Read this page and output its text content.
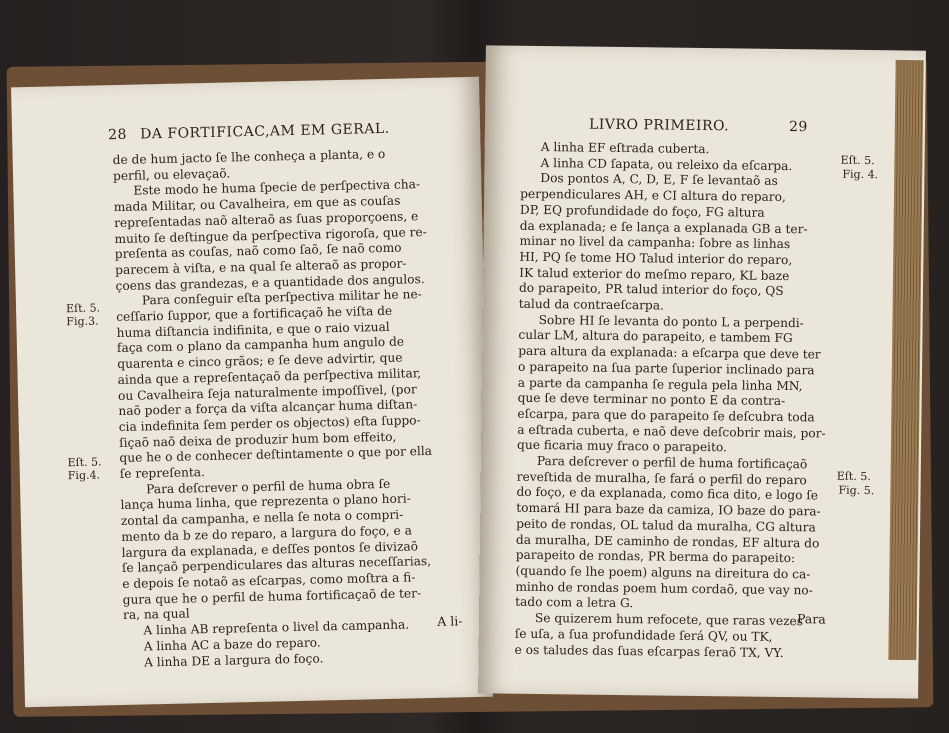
28 DA FORTIFICAC,AM EM GERAL.
de de hum jacto ſe lhe conheça a planta, e o
perfil, ou elevaçaõ.
Este modo he huma ſpecie de perſpectiva cha-
mada Militar, ou Cavalheira, em que as couſas
repreſentadas naõ alteraõ as ſuas proporçoens, e
muito ſe deſtingue da perſpectiva rigoroſa, que re-
preſenta as couſas, naõ como ſaõ, ſe naõ como
parecem à viſta, e na qual ſe alteraõ as propor-
çoens das grandezas, e a quantidade dos angulos.
Para conſeguir eſta perſpectiva militar he ne-
ceſſario ſuppor, que a fortificaçaõ he viſta de
huma diſtancia indifinita, e que o raio vizual
faça com o plano da campanha hum angulo de
quarenta e cinco grãos; e ſe deve advirtir, que
ainda que a repreſentaçaõ da perſpectiva militar,
ou Cavalheira ſeja naturalmente impoſſivel, (por
naõ poder a força da viſta alcançar huma diſtan-
cia indefinita ſem perder os objectos) eſta ſuppo-
ſiçaõ naõ deixa de produzir hum bom effeito,
que he o de conhecer deſtintamente o que por ella
ſe repreſenta.
Para deſcrever o perfil de huma obra ſe
lança huma linha, que reprezenta o plano hori-
zontal da campanha, e nella ſe nota o compri-
mento da b ze do reparo, a largura do foço, e a
largura da explanada, e deſſes pontos ſe divizaõ
ſe lançaõ perpendiculares das alturas neceſſarias,
e depois ſe notaõ as eſcarpas, como moſtra a fi-
gura que he o perfil de huma fortificaçaõ de ter-
ra, na qual
A linha AB repreſenta o livel da campanha.
A linha AC a baze do reparo.
A linha DE a largura do foço.
Eſt. 5.
Fig.3.
Eſt. 5.
Fig.4.
A li-
LIVRO PRIMEIRO.	29
A linha EF eſtrada cuberta.
A linha CD ſapata, ou releixo da eſcarpa.
Dos pontos A, C, D, E, F ſe levantaõ as
perpendiculares AH, e CI altura do reparo,
DP, EQ profundidade do foço, FG altura
da explanada; e ſe lança a explanada GB a ter-
minar no livel da campanha: ſobre as linhas
HI, PQ ſe tome HO Talud interior do reparo,
IK talud exterior do meſmo reparo, KL baze
do parapeito, PR talud interior do foço, QS
talud da contraeſcarpa.
Sobre HI ſe levanta do ponto L a perpendi-
cular LM, altura do parapeito, e tambem FG
para altura da explanada: a eſcarpa que deve ter
o parapeito na ſua parte ſuperior inclinado para
a parte da campanha ſe regula pela linha MN,
que ſe deve terminar no ponto E da contra-
eſcarpa, para que do parapeito ſe deſcubra toda
a eſtrada cuberta, e naõ deve deſcobrir mais, por-
que ficaria muy fraco o parapeito.
Para deſcrever o perfil de huma fortificaçaõ
reveſtida de muralha, ſe fará o perfil do reparo
do foço, e da explanada, como fica dito, e logo ſe
tomará HI para baze da camiza, IO baze do para-
peito de rondas, OL talud da muralha, CG altura
da muralha, DE caminho de rondas, EF altura do
parapeito de rondas, PR berma do parapeito:
(quando ſe lhe poem) alguns na direitura do ca-
minho de rondas poem hum cordaõ, que vay no-
tado com a letra G.
Se quizerem hum refocete, que raras vezes
ſe uſa, a ſua profundidade ſerá QV, ou TK,
e os taludes das ſuas eſcarpas ſeraõ TX, VY.
Eſt. 5.
Fig. 4.
Eſt. 5.
Fig. 5.
Para
